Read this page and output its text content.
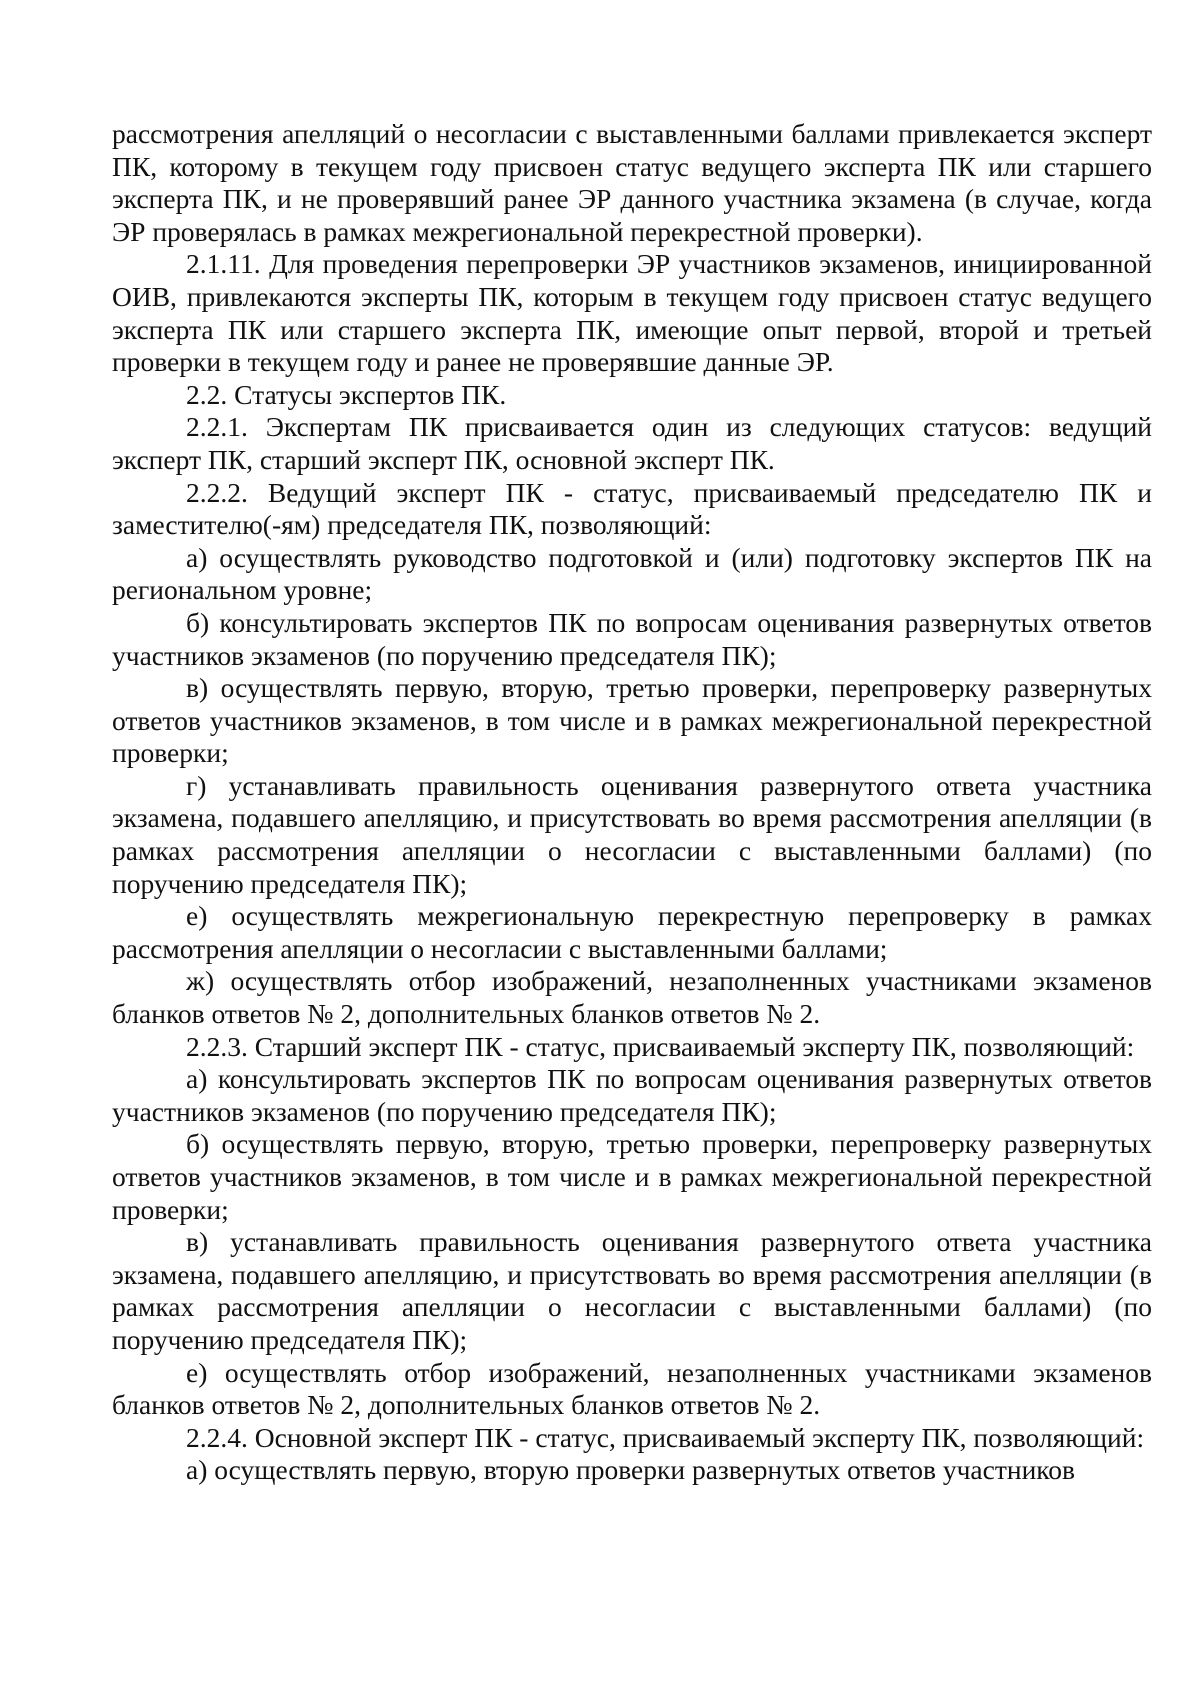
рассмотрения апелляций о несогласии с выставленными баллами привлекается эксперт ПК, которому в текущем году присвоен статус ведущего эксперта ПК или старшего эксперта ПК, и не проверявший ранее ЭР данного участника экзамена (в случае, когда ЭР проверялась в рамках межрегиональной перекрестной проверки).

2.1.11. Для проведения перепроверки ЭР участников экзаменов, инициированной ОИВ, привлекаются эксперты ПК, которым в текущем году присвоен статус ведущего эксперта ПК или старшего эксперта ПК, имеющие опыт первой, второй и третьей проверки в текущем году и ранее не проверявшие данные ЭР.

2.2. Статусы экспертов ПК.

2.2.1. Экспертам ПК присваивается один из следующих статусов: ведущий эксперт ПК, старший эксперт ПК, основной эксперт ПК.

2.2.2. Ведущий эксперт ПК - статус, присваиваемый председателю ПК и заместителю(-ям) председателя ПК, позволяющий:

а) осуществлять руководство подготовкой и (или) подготовку экспертов ПК на региональном уровне;

б) консультировать экспертов ПК по вопросам оценивания развернутых ответов участников экзаменов (по поручению председателя ПК);

в) осуществлять первую, вторую, третью проверки, перепроверку развернутых ответов участников экзаменов, в том числе и в рамках межрегиональной перекрестной проверки;

г) устанавливать правильность оценивания развернутого ответа участника экзамена, подавшего апелляцию, и присутствовать во время рассмотрения апелляции (в рамках рассмотрения апелляции о несогласии с выставленными баллами) (по поручению председателя ПК);

е) осуществлять межрегиональную перекрестную перепроверку в рамках рассмотрения апелляции о несогласии с выставленными баллами;

ж) осуществлять отбор изображений, незаполненных участниками экзаменов бланков ответов № 2, дополнительных бланков ответов № 2.

2.2.3. Старший эксперт ПК - статус, присваиваемый эксперту ПК, позволяющий:

а) консультировать экспертов ПК по вопросам оценивания развернутых ответов участников экзаменов (по поручению председателя ПК);

б) осуществлять первую, вторую, третью проверки, перепроверку развернутых ответов участников экзаменов, в том числе и в рамках межрегиональной перекрестной проверки;

в) устанавливать правильность оценивания развернутого ответа участника экзамена, подавшего апелляцию, и присутствовать во время рассмотрения апелляции (в рамках рассмотрения апелляции о несогласии с выставленными баллами) (по поручению председателя ПК);

е) осуществлять отбор изображений, незаполненных участниками экзаменов бланков ответов № 2, дополнительных бланков ответов № 2.

2.2.4. Основной эксперт ПК - статус, присваиваемый эксперту ПК, позволяющий:

а) осуществлять первую, вторую проверки развернутых ответов участников
